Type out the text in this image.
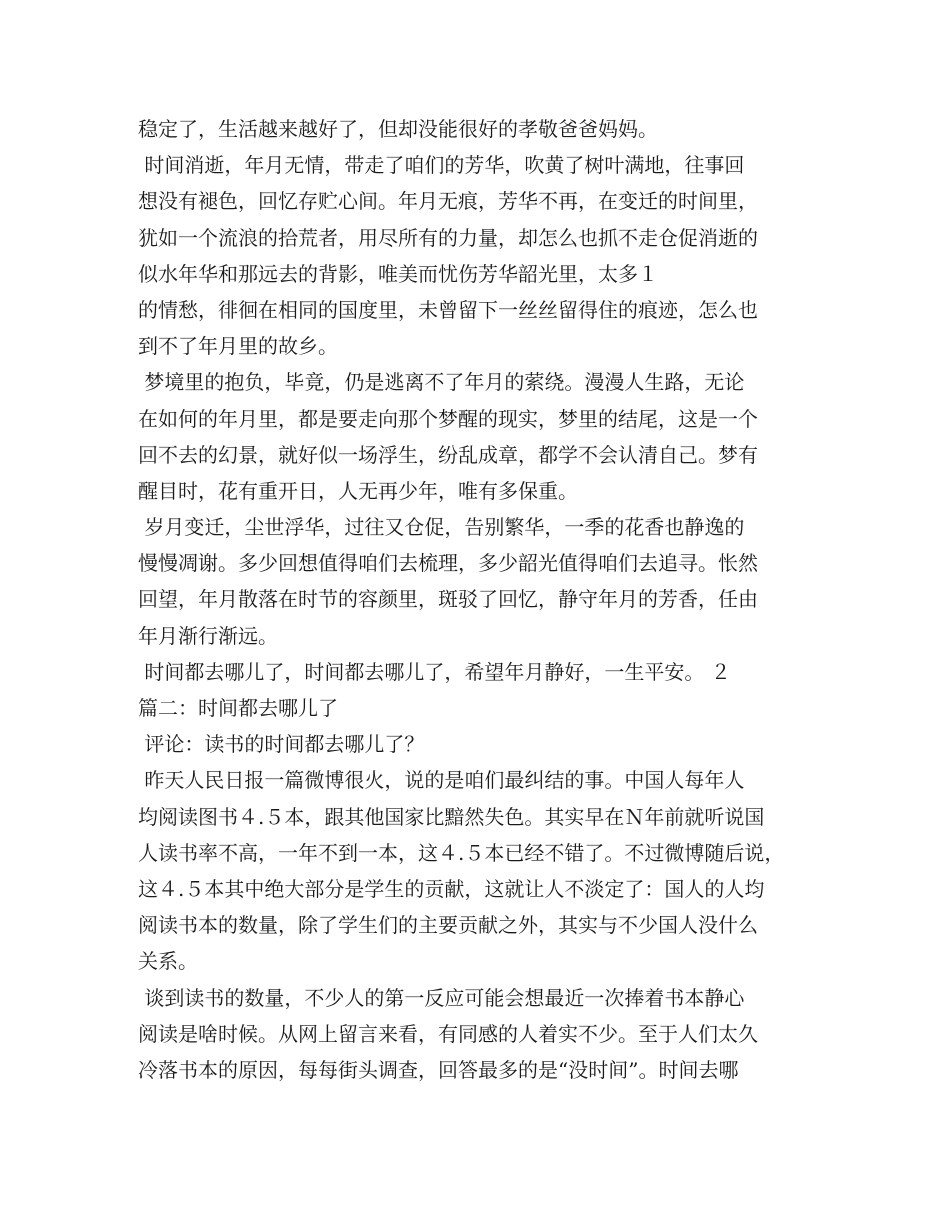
稳定了，生活越来越好了，但却没能很好的孝敬爸爸妈妈。
时间消逝，年月无情，带走了咱们的芳华，吹黄了树叶满地，往事回
想没有褪色，回忆存贮心间。年月无痕，芳华不再，在变迁的时间里，
犹如一个流浪的拾荒者，用尽所有的力量，却怎么也抓不走仓促消逝的
似水年华和那远去的背影，唯美而忧伤芳华韶光里，太多１
的情愁，徘徊在相同的国度里，未曾留下一丝丝留得住的痕迹，怎么也
到不了年月里的故乡。
梦境里的抱负，毕竟，仍是逃离不了年月的萦绕。漫漫人生路，无论
在如何的年月里，都是要走向那个梦醒的现实，梦里的结尾，这是一个
回不去的幻景，就好似一场浮生，纷乱成章，都学不会认清自己。梦有
醒目时，花有重开日，人无再少年，唯有多保重。
岁月变迁，尘世浮华，过往又仓促，告别繁华，一季的花香也静逸的
慢慢凋谢。多少回想值得咱们去梳理，多少韶光值得咱们去追寻。怅然
回望，年月散落在时节的容颜里，斑驳了回忆，静守年月的芳香，任由
年月渐行渐远。
时间都去哪儿了，时间都去哪儿了，希望年月静好，一生平安。 ２
篇二：时间都去哪儿了
评论：读书的时间都去哪儿了？
昨天人民日报一篇微博很火，说的是咱们最纠结的事。中国人每年人
均阅读图书４.５本，跟其他国家比黯然失色。其实早在Ｎ年前就听说国
人读书率不高，一年不到一本，这４.５本已经不错了。不过微博随后说，
这４.５本其中绝大部分是学生的贡献，这就让人不淡定了：国人的人均
阅读书本的数量，除了学生们的主要贡献之外，其实与不少国人没什么
关系。
谈到读书的数量，不少人的第一反应可能会想最近一次捧着书本静心
阅读是啥时候。从网上留言来看，有同感的人着实不少。至于人们太久
冷落书本的原因，每每街头调查，回答最多的是“没时间”。时间去哪
